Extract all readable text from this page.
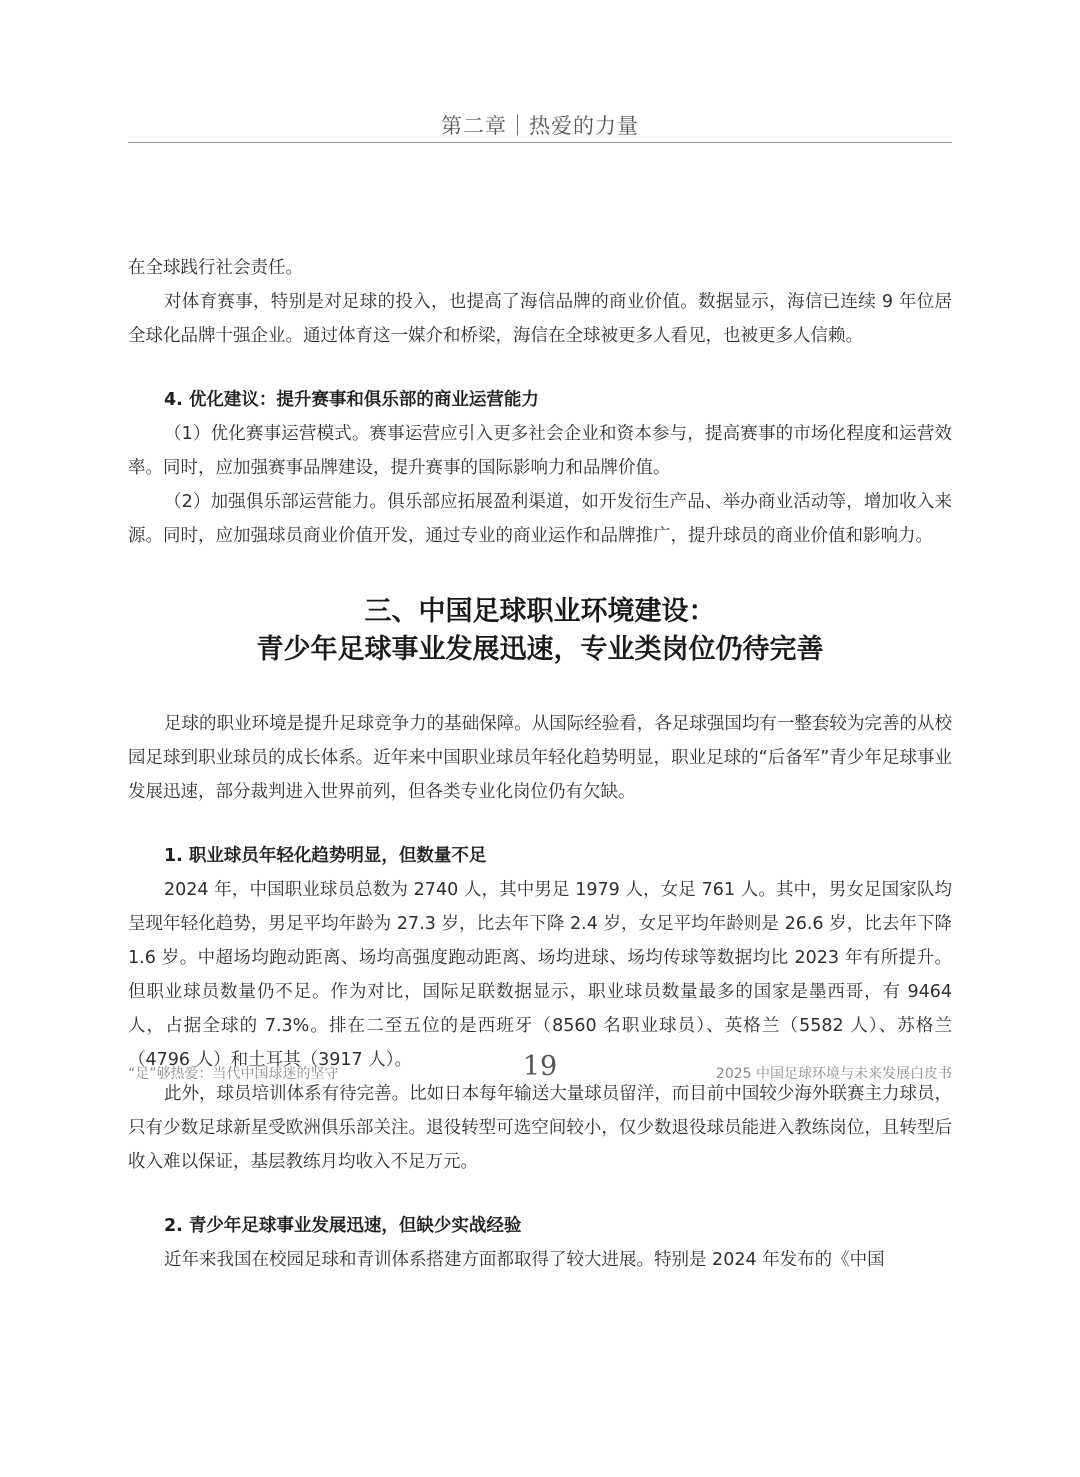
第二章｜热爱的力量

在全球践行社会责任。

对体育赛事，特别是对足球的投入，也提高了海信品牌的商业价值。数据显示，海信已连续 9 年位居全球化品牌十强企业。通过体育这一媒介和桥梁，海信在全球被更多人看见，也被更多人信赖。

4. 优化建议：提升赛事和俱乐部的商业运营能力

（1）优化赛事运营模式。赛事运营应引入更多社会企业和资本参与，提高赛事的市场化程度和运营效率。同时，应加强赛事品牌建设，提升赛事的国际影响力和品牌价值。

（2）加强俱乐部运营能力。俱乐部应拓展盈利渠道，如开发衍生产品、举办商业活动等，增加收入来源。同时，应加强球员商业价值开发，通过专业的商业运作和品牌推广，提升球员的商业价值和影响力。

三、中国足球职业环境建设：

青少年足球事业发展迅速，专业类岗位仍待完善

足球的职业环境是提升足球竞争力的基础保障。从国际经验看，各足球强国均有一整套较为完善的从校园足球到职业球员的成长体系。近年来中国职业球员年轻化趋势明显，职业足球的“后备军”青少年足球事业发展迅速，部分裁判进入世界前列，但各类专业化岗位仍有欠缺。

1. 职业球员年轻化趋势明显，但数量不足

2024 年，中国职业球员总数为 2740 人，其中男足 1979 人，女足 761 人。其中，男女足国家队均呈现年轻化趋势，男足平均年龄为 27.3 岁，比去年下降 2.4 岁，女足平均年龄则是 26.6 岁，比去年下降 1.6 岁。中超场均跑动距离、场均高强度跑动距离、场均进球、场均传球等数据均比 2023 年有所提升。但职业球员数量仍不足。作为对比，国际足联数据显示，职业球员数量最多的国家是墨西哥，有 9464 人，占据全球的 7.3%。排在二至五位的是西班牙（8560 名职业球员）、英格兰（5582 人）、苏格兰（4796 人）和土耳其（3917 人）。

此外，球员培训体系有待完善。比如日本每年输送大量球员留洋，而目前中国较少海外联赛主力球员，只有少数足球新星受欧洲俱乐部关注。退役转型可选空间较小，仅少数退役球员能进入教练岗位，且转型后收入难以保证，基层教练月均收入不足万元。

2. 青少年足球事业发展迅速，但缺少实战经验

近年来我国在校园足球和青训体系搭建方面都取得了较大进展。特别是 2024 年发布的《中国

“足”够热爱：当代中国球迷的坚守	19	2025 中国足球环境与未来发展白皮书
